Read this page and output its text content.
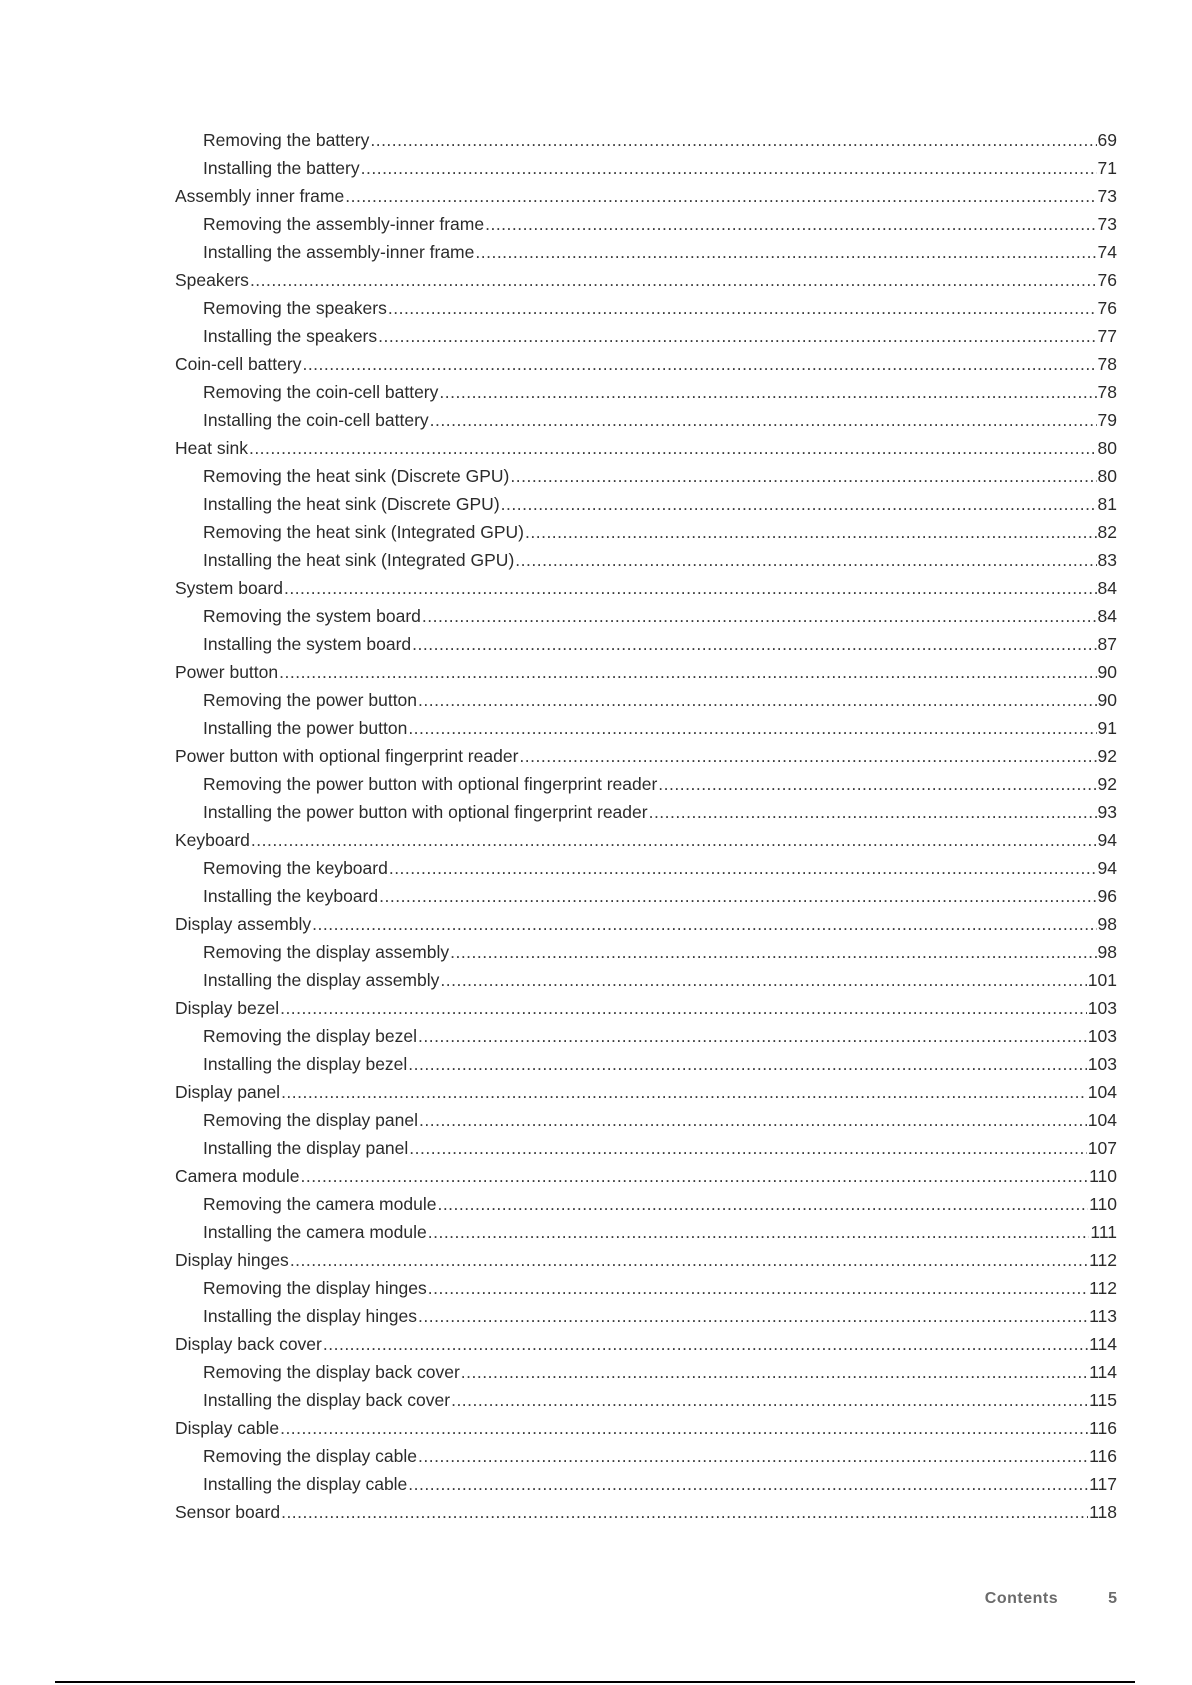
Removing the battery .....	69
Installing the battery .....	71
Assembly inner frame .....	73
Removing the assembly-inner frame .....	73
Installing the assembly-inner frame .....	74
Speakers .....	76
Removing the speakers .....	76
Installing the speakers .....	77
Coin-cell battery .....	78
Removing the coin-cell battery .....	78
Installing the coin-cell battery .....	79
Heat sink .....	80
Removing the heat sink (Discrete GPU) .....	80
Installing the heat sink (Discrete GPU) .....	81
Removing the heat sink (Integrated GPU) .....	82
Installing the heat sink (Integrated GPU) .....	83
System board .....	84
Removing the system board .....	84
Installing the system board .....	87
Power button .....	90
Removing the power button .....	90
Installing the power button .....	91
Power button with optional fingerprint reader .....	92
Removing the power button with optional fingerprint reader .....	92
Installing the power button with optional fingerprint reader .....	93
Keyboard .....	94
Removing the keyboard .....	94
Installing the keyboard .....	96
Display assembly .....	98
Removing the display assembly .....	98
Installing the display assembly .....	101
Display bezel .....	103
Removing the display bezel .....	103
Installing the display bezel .....	103
Display panel .....	104
Removing the display panel .....	104
Installing the display panel .....	107
Camera module .....	110
Removing the camera module .....	110
Installing the camera module .....	111
Display hinges .....	112
Removing the display hinges .....	112
Installing the display hinges .....	113
Display back cover .....	114
Removing the display back cover .....	114
Installing the display back cover .....	115
Display cable .....	116
Removing the display cable .....	116
Installing the display cable .....	117
Sensor board .....	118
Contents	5
